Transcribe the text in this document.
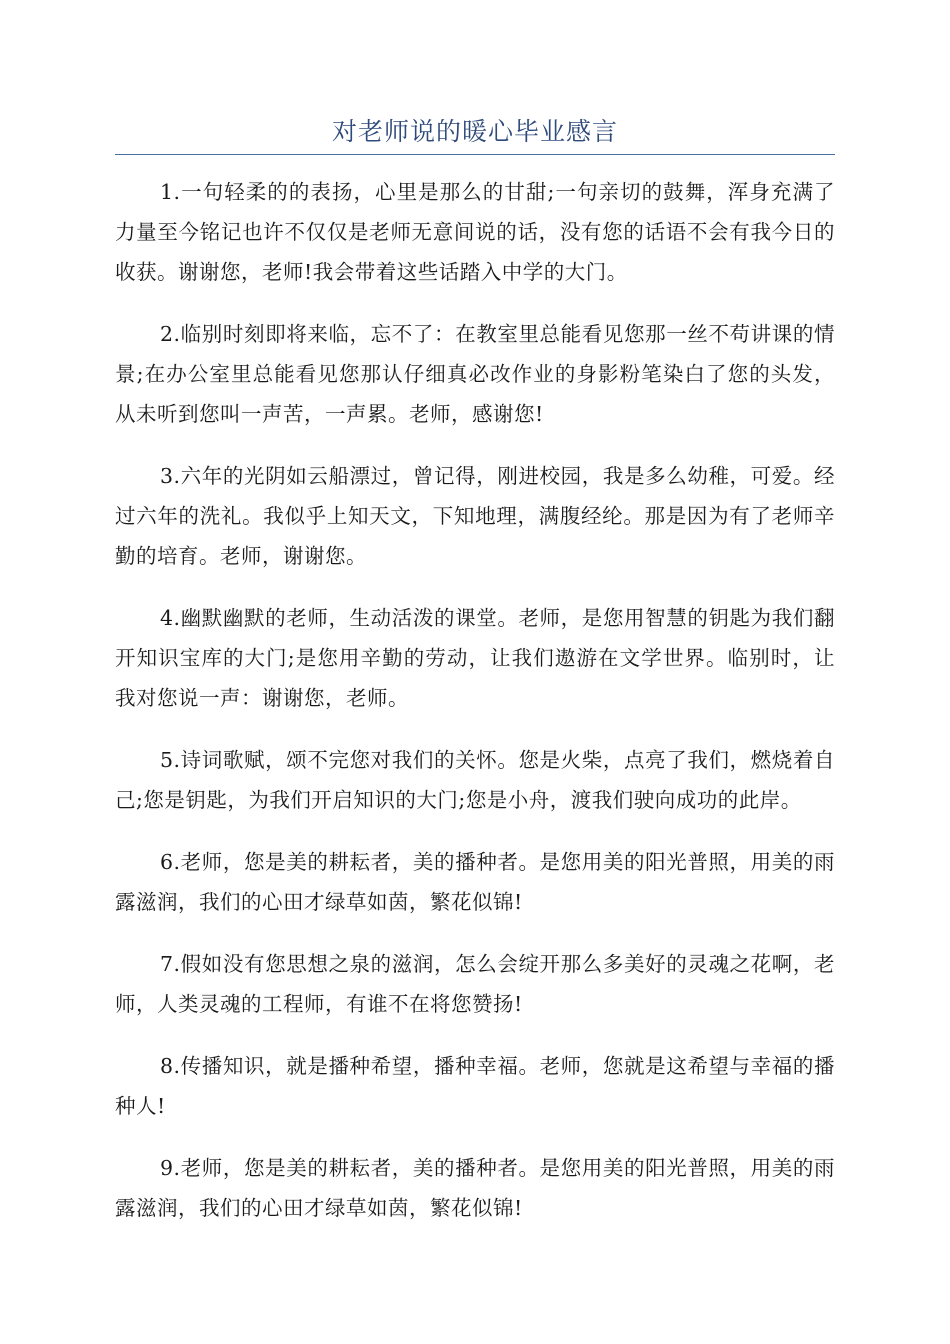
对老师说的暖心毕业感言

1.一句轻柔的的表扬，心里是那么的甘甜;一句亲切的鼓舞，浑身充满了力量至今铭记也许不仅仅是老师无意间说的话，没有您的话语不会有我今日的收获。谢谢您，老师!我会带着这些话踏入中学的大门。

2.临别时刻即将来临，忘不了：在教室里总能看见您那一丝不苟讲课的情景;在办公室里总能看见您那认仔细真必改作业的身影粉笔染白了您的头发，从未听到您叫一声苦，一声累。老师，感谢您!

3.六年的光阴如云船漂过，曾记得，刚进校园，我是多么幼稚，可爱。经过六年的洗礼。我似乎上知天文，下知地理，满腹经纶。那是因为有了老师辛勤的培育。老师，谢谢您。

4.幽默幽默的老师，生动活泼的课堂。老师，是您用智慧的钥匙为我们翻开知识宝库的大门;是您用辛勤的劳动，让我们遨游在文学世界。临别时，让我对您说一声：谢谢您，老师。

5.诗词歌赋，颂不完您对我们的关怀。您是火柴，点亮了我们，燃烧着自己;您是钥匙，为我们开启知识的大门;您是小舟，渡我们驶向成功的此岸。

6.老师，您是美的耕耘者，美的播种者。是您用美的阳光普照，用美的雨露滋润，我们的心田才绿草如茵，繁花似锦!

7.假如没有您思想之泉的滋润，怎么会绽开那么多美好的灵魂之花啊，老师，人类灵魂的工程师，有谁不在将您赞扬!

8.传播知识，就是播种希望，播种幸福。老师，您就是这希望与幸福的播种人!

9.老师，您是美的耕耘者，美的播种者。是您用美的阳光普照，用美的雨露滋润，我们的心田才绿草如茵，繁花似锦!
